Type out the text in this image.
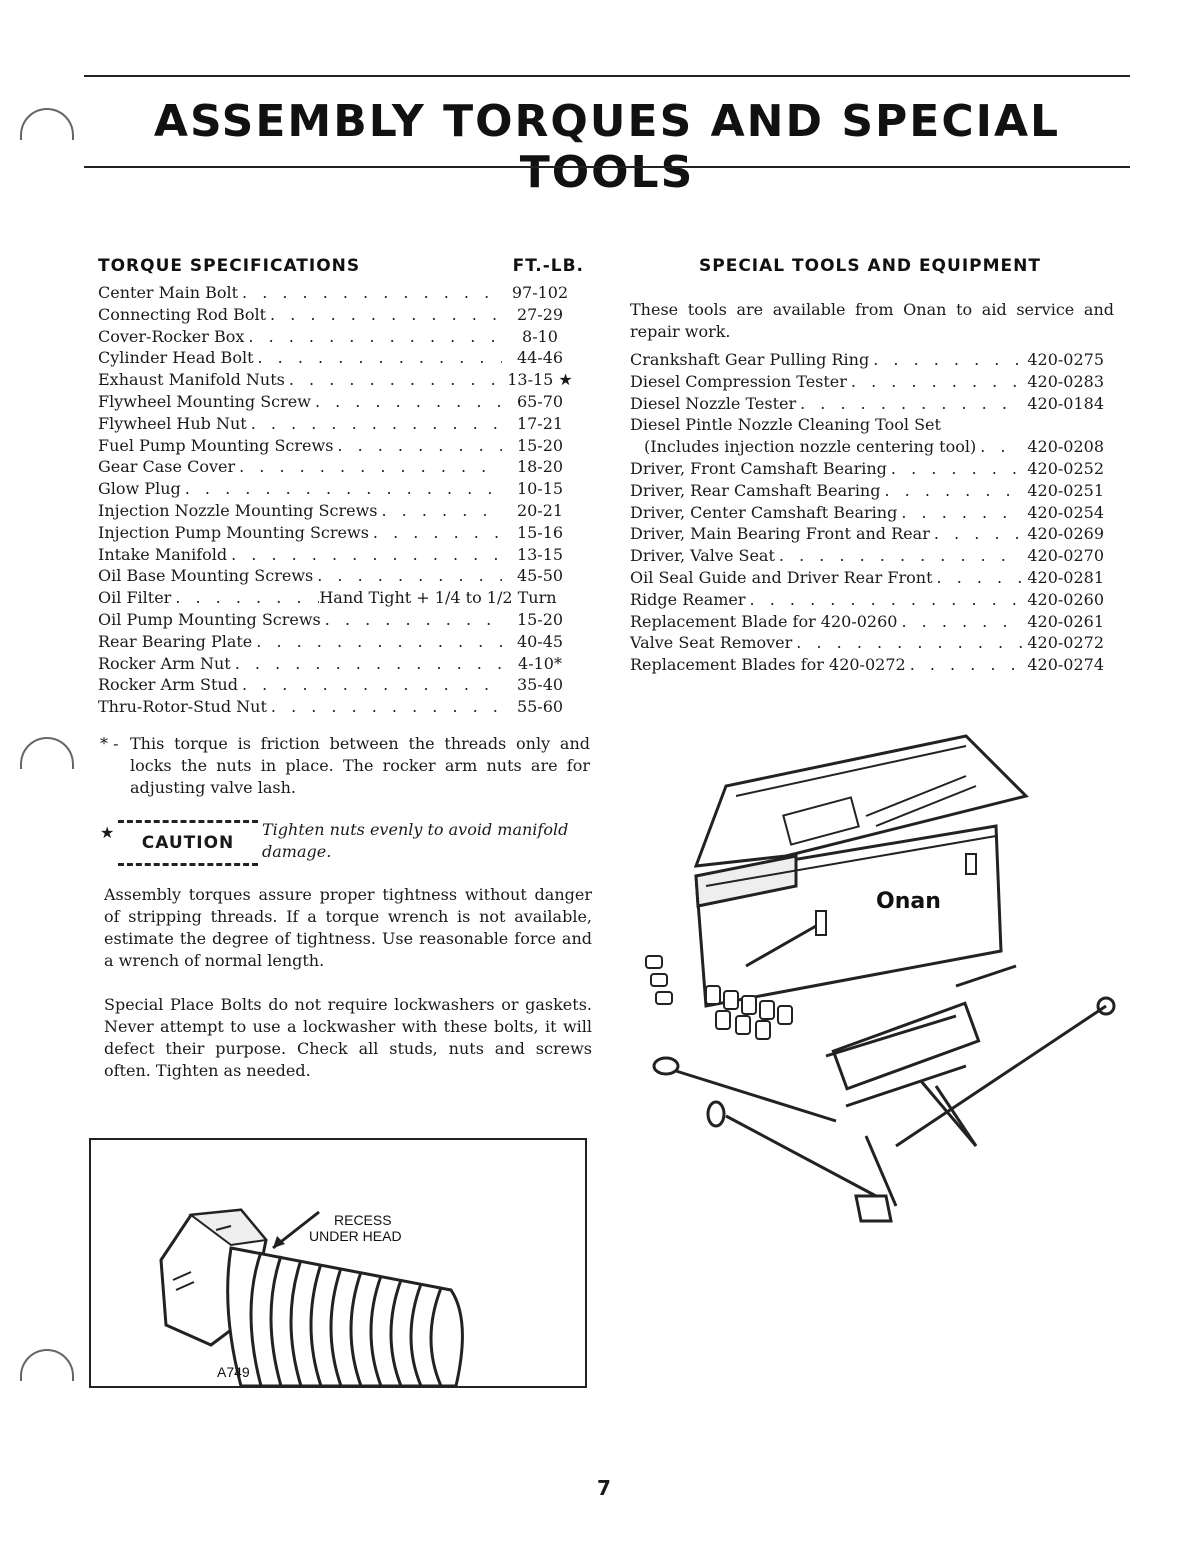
ASSEMBLY TORQUES AND SPECIAL TOOLS
TORQUE SPECIFICATIONS	FT.-LB.
Center Main Bolt . . .	97-102
Connecting Rod Bolt . . .	27-29
Cover-Rocker Box . . .	8-10
Cylinder Head Bolt . . .	44-46
Exhaust Manifold Nuts . . .	13-15 ★
Flywheel Mounting Screw . . .	65-70
Flywheel Hub Nut . . .	17-21
Fuel Pump Mounting Screws . . .	15-20
Gear Case Cover . . .	18-20
Glow Plug . . .	10-15
Injection Nozzle Mounting Screws . . .	20-21
Injection Pump Mounting Screws . . .	15-16
Intake Manifold . . .	13-15
Oil Base Mounting Screws . . .	45-50
Oil Filter . . .	Hand Tight + 1/4 to 1/2 Turn
Oil Pump Mounting Screws . . .	15-20
Rear Bearing Plate . . .	40-45
Rocker Arm Nut . . .	4-10*
Rocker Arm Stud . . .	35-40
Thru-Rotor-Stud Nut . . .	55-60
* - This torque is friction between the threads only and locks the nuts in place. The rocker arm nuts are for adjusting valve lash.
★
CAUTION
Tighten nuts evenly to avoid manifold damage.
Assembly torques assure proper tightness without danger of stripping threads. If a torque wrench is not available, estimate the degree of tightness. Use reasonable force and a wrench of normal length.
Special Place Bolts do not require lockwashers or gaskets. Never attempt to use a lockwasher with these bolts, it will defect their purpose. Check all studs, nuts and screws often. Tighten as needed.
RECESS
UNDER HEAD
A749
SPECIAL TOOLS AND EQUIPMENT
These tools are available from Onan to aid service and repair work.
Crankshaft Gear Pulling Ring . . .	420-0275
Diesel Compression Tester . . .	420-0283
Diesel Nozzle Tester . . .	420-0184
Diesel Pintle Nozzle Cleaning Tool Set
(Includes injection nozzle centering tool) . . .	420-0208
Driver, Front Camshaft Bearing . . .	420-0252
Driver, Rear Camshaft Bearing . . .	420-0251
Driver, Center Camshaft Bearing . . .	420-0254
Driver, Main Bearing Front and Rear . . .	420-0269
Driver, Valve Seat . . .	420-0270
Oil Seal Guide and Driver Rear Front . . .	420-0281
Ridge Reamer . . .	420-0260
Replacement Blade for 420-0260 . . .	420-0261
Valve Seat Remover . . .	420-0272
Replacement Blades for 420-0272 . . .	420-0274
Onan
7
